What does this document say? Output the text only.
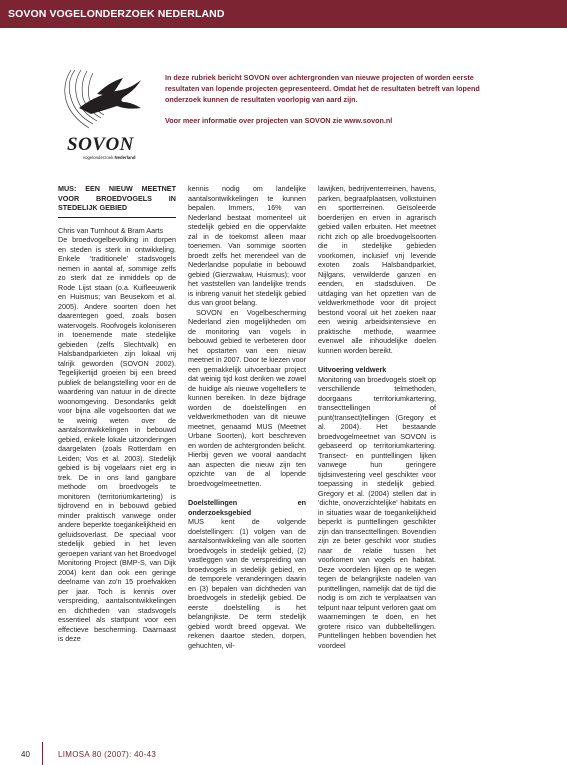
SOVON VOGELONDERZOEK NEDERLAND
SOVON
vogelonderzoek Nederland

In deze rubriek bericht SOVON over achtergronden van nieuwe projecten of worden eerste resultaten van lopende projecten gepresenteerd. Omdat het de resultaten betreft van lopend onderzoek kunnen de resultaten voorlopig van aard zijn.

Voor meer informatie over projecten van SOVON zie www.sovon.nl

MUS: EEN NIEUW MEETNET VOOR BROEDVOGELS IN STEDELIJK GEBIED

Chris van Turnhout & Bram Aarts

De broedvogelbevolking in dorpen en steden is sterk in ontwikkeling. Enkele 'traditionele' stadsvogels nemen in aantal af, sommige zelfs zo sterk dat ze inmiddels op de Rode Lijst staan (o.a. Kuifleeuwerik en Huismus; van Beusekom et al. 2005). Andere soorten doen het daarentegen goed, zoals bosen watervogels. Roofvogels koloniseren in toenemende mate stedelijke gebieden (zelfs Slechtvalk) en Halsbandparkieten zijn lokaal vrij talrijk geworden (SOVON 2002). Tegelijkertijd groeien bij een breed publiek de belangstelling voor en de waardering van natuur in de directe woonomgeving. Desondanks geldt voor bijna alle vogelsoorten dat we te weinig weten over de aantalsontwikkelingen in bebouwd gebied, enkele lokale uitzonderingen daargelaten (zoals Rotterdam en Leiden; Vos et al. 2003). Stedelijk gebied is bij vogelaars niet erg in trek. De in ons land gangbare methode om broedvogels te monitoren (territoriumkartering) is tijdrovend en in bebouwd gebied minder praktisch vanwege onder andere beperkte toegankelijkheid en geluidsoverlast. De speciaal voor stedelijk gebied in het leven geroepen variant van het Broedvogel Monitoring Project (BMP-S, van Dijk 2004) kent dan ook een geringe deelname van zo'n 15 proefvakken per jaar. Toch is kennis over verspreiding, aantalsontwikkelingen en dichtheden van stadsvogels essentieel als startpunt voor een effectieve bescherming. Daarnaast is deze

kennis nodig om landelijke aantalsontwikkelingen te kunnen bepalen. Immers, 16% van Nederland bestaat momenteel uit stedelijk gebied en die oppervlakte zal in de toekomst alleen maar toenemen. Van sommige soorten broedt zelfs het merendeel van de Nederlandse populatie in bebouwd gebied (Gierzwaluw, Huismus); voor het vaststellen van landelijke trends is inbreng vanuit het stedelijk gebied dus van groot belang.

SOVON en Vogelbescherming Nederland zien mogelijkheden om de monitoring van vogels in bebouwd gebied te verbeteren door het opstarten van een nieuw meetnet in 2007. Door te kiezen voor een gemakkelijk uitvoerbaar project dat weinig tijd kost denken we zowel de huidige als nieuwe vogeltellers te kunnen bereiken. In deze bijdrage worden de doelstellingen en veldwerkmethoden van dit nieuwe meetnet, genaamd MUS (Meetnet Urbane Soorten), kort beschreven en worden de achtergronden belicht. Hierbij geven we vooral aandacht aan aspecten die nieuw zijn ten opzichte van de al lopende broedvogelmeetnetten.

Doelstellingen en onderzoeksgebied

MUS kent de volgende doelstellingen: (1) volgen van de aantalsontwikkeling van alle soorten broedvogels in stedelijk gebied, (2) vastleggen van de verspreiding van broedvogels in stedelijk gebied, en de temporele veranderingen daarin en (3) bepalen van dichtheden van broedvogels in stedelijk gebied. De eerste doelstelling is het belangrijkste. De term stedelijk gebied wordt breed opgevat. We rekenen daartoe steden, dorpen, gehuchten, vil-

lawijken, bedrijventerreinen, havens, parken, begraafplaatsen, volkstuinen en sportterreinen. Geïsoleerde boerderijen en erven in agrarisch gebied vallen erbuiten. Het meetnet richt zich op alle broedvogelsoorten die in stedelijke gebieden voorkomen, inclusief vrij levende exoten zoals Halsbandparkiet, Nijlgans, verwilderde ganzen en eenden, en stadsduiven. De uitdaging van het opzetten van de veldwerkmethode voor dit project bestond vooral uit het zoeken naar een weinig arbeidsintensieve en praktische methode, waarmee evenwel alle inhoudelijke doelen kunnen worden bereikt.

Uitvoering veldwerk

Monitoring van broedvogels stoelt op verschillende telmethoden, doorgaans territoriumkartering, transecttellingen of punt(transect)tellingen (Gregory et al. 2004). Het bestaande broedvogelmeetnet van SOVON is gebaseerd op territoriumkartering. Transect- en punttellingen lijken vanwege hun geringere tijdsinvestering veel geschikter voor toepassing in stedelijk gebied. Gregory et al. (2004) stellen dat in 'dichte, onoverzichtelijke' habitats en in situaties waar de toegankelijkheid beperkt is punttellingen geschikter zijn dan transecttellingen. Bovendien zijn ze beter geschikt voor studies naar de relatie tussen het voorkomen van vogels en habitat. Deze voordelen lijken op te wegen tegen de belangrijkste nadelen van punttellingen, namelijk dat de tijd die nodig is om zich te verplaatsen van telpunt naar telpunt verloren gaat om waarnemingen te doen, en het grotere risico van dubbeltellingen. Punttellingen hebben bovendien het voordeel

40	LIMOSA 80 (2007): 40-43
